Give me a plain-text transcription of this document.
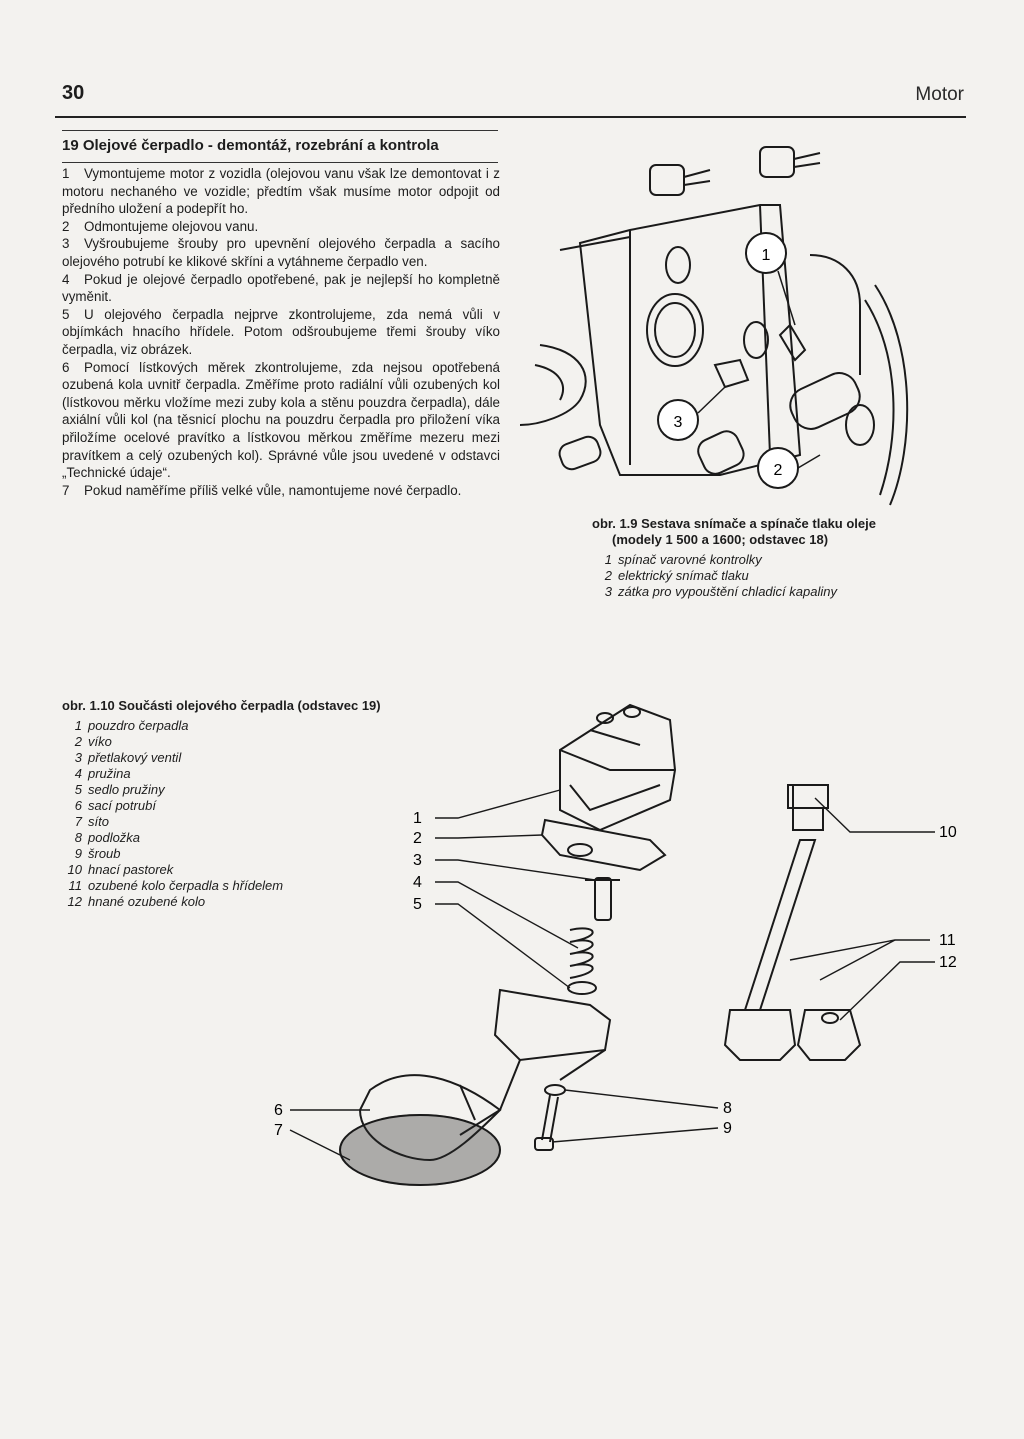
30	Motor
19 Olejové čerpadlo - demontáž, rozebrání a kontrola

1 Vymontujeme motor z vozidla (olejovou vanu však lze demontovat i z motoru nechaného ve vozidle; předtím však musíme motor odpojit od předního uložení a podepřít ho.

2 Odmontujeme olejovou vanu.

3 Vyšroubujeme šrouby pro upevnění olejového čerpadla a sacího olejového potrubí ke klikové skříni a vytáhneme čerpadlo ven.

4 Pokud je olejové čerpadlo opotřebené, pak je nejlepší ho kompletně vyměnit.

5 U olejového čerpadla nejprve zkontrolujeme, zda nemá vůli v objímkách hnacího hřídele. Potom odšroubujeme třemi šrouby víko čerpadla, viz obrázek.

6 Pomocí lístkových měrek zkontrolujeme, zda nejsou opotřebená ozubená kola uvnitř čerpadla. Změříme proto radiální vůli ozubených kol (lístkovou měrku vložíme mezi zuby kola a stěnu pouzdra čerpadla), dále axiální vůli kol (na těsnicí plochu na pouzdru čerpadla pro přiložení víka přiložíme ocelové pravítko a lístkovou měrkou změříme mezeru mezi pravítkem a celý ozubených kol). Správné vůle jsou uvedené v odstavci „Technické údaje“.

7 Pokud naměříme příliš velké vůle, namontujeme nové čerpadlo.

1
3
2
obr. 1.9 Sestava snímače a spínače tlaku oleje
(modely 1 500 a 1600; odstavec 18)
1 spínač varovné kontrolky
2 elektrický snímač tlaku
3 zátka pro vypouštění chladicí kapaliny
obr. 1.10 Součásti olejového čerpadla (odstavec 19)
1 pouzdro čerpadla
2 víko
3 přetlakový ventil
4 pružina
5 sedlo pružiny
6 sací potrubí
7 síto
8 podložka
9 šroub
10 hnací pastorek
11 ozubené kolo čerpadla s hřídelem
12 hnané ozubené kolo
1
2
3
4
5
6
7
8
9
10
11
12
